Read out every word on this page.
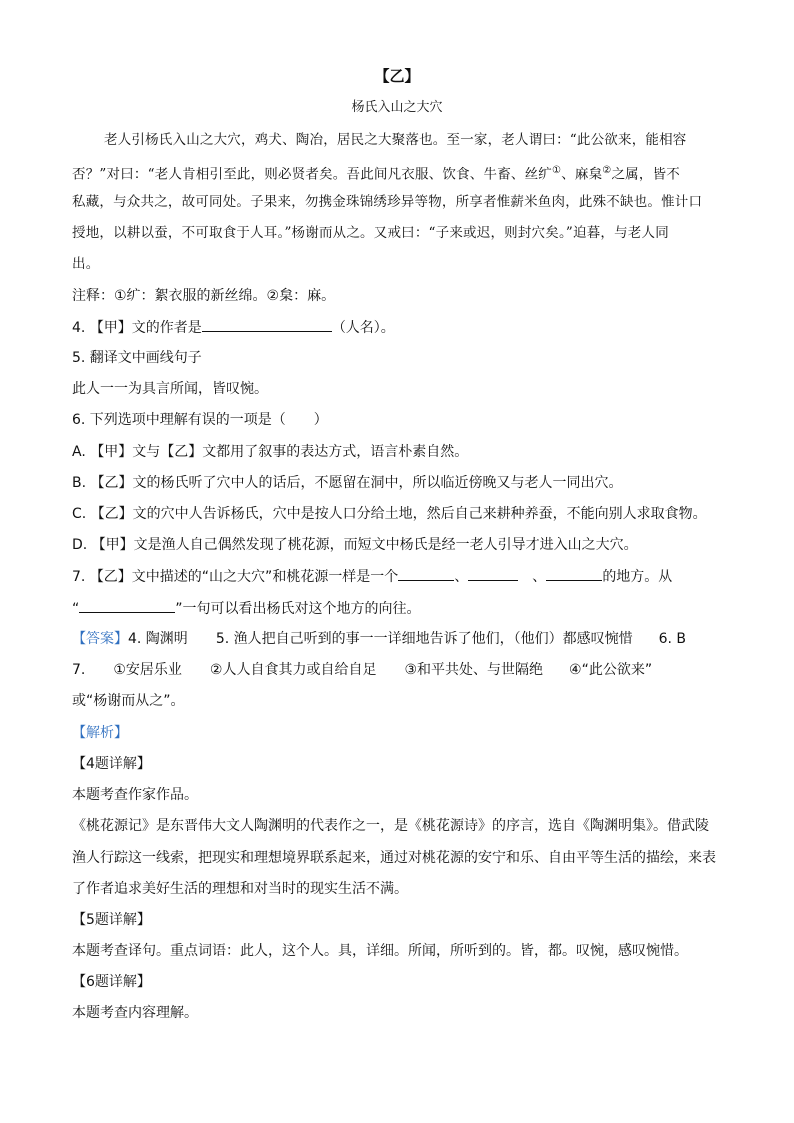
【乙】
杨氏入山之大穴
老人引杨氏入山之大穴，鸡犬、陶冶，居民之大聚落也。至一家，老人谓曰：“此公欲来，能相容
否？”对曰：“老人肯相引至此，则必贤者矣。吾此间凡衣服、饮食、牛畜、丝纩①、麻枲②之属，皆不
私藏，与众共之，故可同处。子果来，勿携金珠锦绣珍异等物，所享者惟薪米鱼肉，此殊不缺也。惟计口
授地，以耕以蚕，不可取食于人耳。”杨谢而从之。又戒曰：“子来或迟，则封穴矣。”迫暮，与老人同
出。
注释：①纩：絮衣服的新丝绵。②枲：麻。
4. 【甲】文的作者是	（人名）。
5. 翻译文中画线句子
此人一一为具言所闻，皆叹惋。
6. 下列选项中理解有误的一项是（　　）
A. 【甲】文与【乙】文都用了叙事的表达方式，语言朴素自然。
B. 【乙】文的杨氏听了穴中人的话后，不愿留在洞中，所以临近傍晚又与老人一同出穴。
C. 【乙】文的穴中人告诉杨氏，穴中是按人口分给土地，然后自己来耕种养蚕，不能向别人求取食物。
D. 【甲】文是渔人自己偶然发现了桃花源，而短文中杨氏是经一老人引导才进入山之大穴。
7. 【乙】文中描述的“山之大穴”和桃花源一样是一个	、	　、	的地方。从
“	”一句可以看出杨氏对这个地方的向往。
【答案】4. 陶渊明 5. 渔人把自己听到的事一一详细地告诉了他们，（他们）都感叹惋惜 6. B
7. ①安居乐业 ②人人自食其力或自给自足 ③和平共处、与世隔绝 ④“此公欲来”
或“杨谢而从之”。
【解析】
【4题详解】
本题考查作家作品。
《桃花源记》是东晋伟大文人陶渊明的代表作之一，是《桃花源诗》的序言，选自《陶渊明集》。借武陵
渔人行踪这一线索，把现实和理想境界联系起来，通过对桃花源的安宁和乐、自由平等生活的描绘，来表
了作者追求美好生活的理想和对当时的现实生活不满。
【5题详解】
本题考查译句。重点词语：此人，这个人。具，详细。所闻，所听到的。皆，都。叹惋，感叹惋惜。
【6题详解】
本题考查内容理解。
